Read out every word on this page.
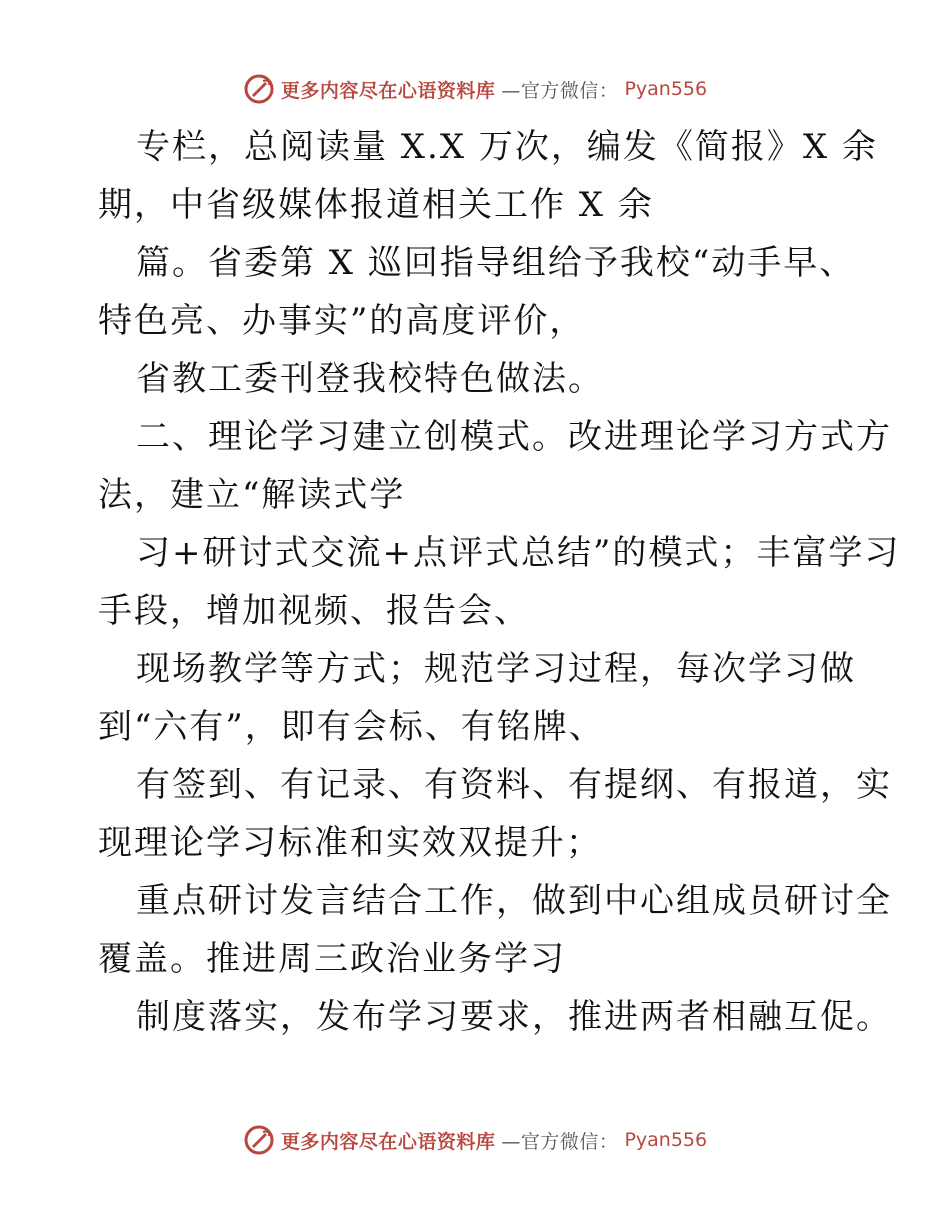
更多内容尽在心语资料库 —官方微信： Pyan556
专栏，总阅读量 X.X 万次，编发《简报》X 余
期，中省级媒体报道相关工作 X 余
篇。省委第 X 巡回指导组给予我校“动手早、
特色亮、办事实”的高度评价，
省教工委刊登我校特色做法。
二、理论学习建立创模式。改进理论学习方式方
法，建立“解读式学
习+研讨式交流+点评式总结”的模式；丰富学习
手段，增加视频、报告会、
现场教学等方式；规范学习过程，每次学习做
到“六有”，即有会标、有铭牌、
有签到、有记录、有资料、有提纲、有报道，实
现理论学习标准和实效双提升；
重点研讨发言结合工作，做到中心组成员研讨全
覆盖。推进周三政治业务学习
制度落实，发布学习要求，推进两者相融互促。
更多内容尽在心语资料库 —官方微信： Pyan556
